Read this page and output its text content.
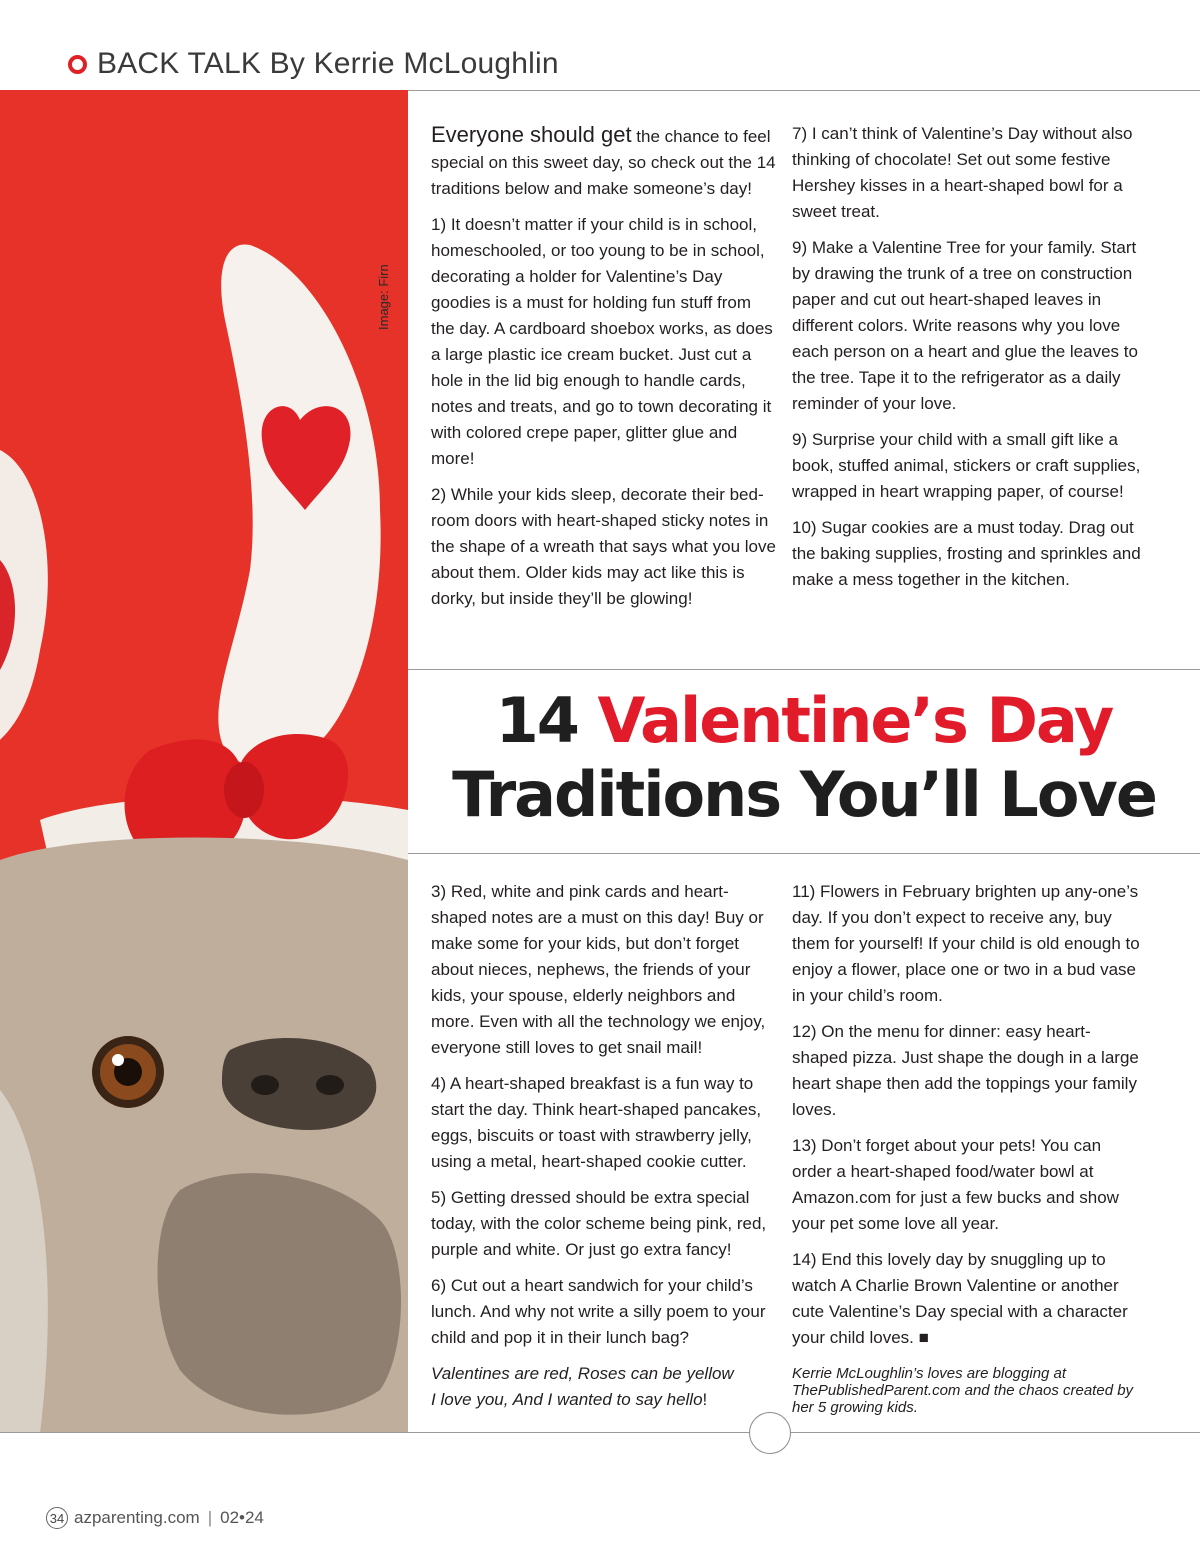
BACK TALK By Kerrie McLoughlin
Image: Firn

Everyone should get the chance to feel special on this sweet day, so check out the 14 traditions below and make someone’s day!

1) It doesn’t matter if your child is in school, homeschooled, or too young to be in school, decorating a holder for Valentine’s Day goodies is a must for holding fun stuff from the day. A cardboard shoebox works, as does a large plastic ice cream bucket. Just cut a hole in the lid big enough to handle cards, notes and treats, and go to town decorating it with colored crepe paper, glitter glue and more!

2) While your kids sleep, decorate their bed-room doors with heart-shaped sticky notes in the shape of a wreath that says what you love about them. Older kids may act like this is dorky, but inside they’ll be glowing!

7) I can’t think of Valentine’s Day without also thinking of chocolate! Set out some festive Hershey kisses in a heart-shaped bowl for a sweet treat.

9) Make a Valentine Tree for your family. Start by drawing the trunk of a tree on construction paper and cut out heart-shaped leaves in different colors. Write reasons why you love each person on a heart and glue the leaves to the tree. Tape it to the refrigerator as a daily reminder of your love.

9) Surprise your child with a small gift like a book, stuffed animal, stickers or craft supplies, wrapped in heart wrapping paper, of course!

10) Sugar cookies are a must today. Drag out the baking supplies, frosting and sprinkles and make a mess together in the kitchen.

14 Valentine’s Day
Traditions You’ll Love

3) Red, white and pink cards and heart-shaped notes are a must on this day! Buy or make some for your kids, but don’t forget about nieces, nephews, the friends of your kids, your spouse, elderly neighbors and more. Even with all the technology we enjoy, everyone still loves to get snail mail!

4) A heart-shaped breakfast is a fun way to start the day. Think heart-shaped pancakes, eggs, biscuits or toast with strawberry jelly, using a metal, heart-shaped cookie cutter.

5) Getting dressed should be extra special today, with the color scheme being pink, red, purple and white. Or just go extra fancy!

6) Cut out a heart sandwich for your child’s lunch. And why not write a silly poem to your child and pop it in their lunch bag?

Valentines are red, Roses can be yellow
I love you, And I wanted to say hello!

11) Flowers in February brighten up any-one’s day. If you don’t expect to receive any, buy them for yourself! If your child is old enough to enjoy a flower, place one or two in a bud vase in your child’s room.

12) On the menu for dinner: easy heart-shaped pizza. Just shape the dough in a large heart shape then add the toppings your family loves.

13) Don’t forget about your pets! You can order a heart-shaped food/water bowl at Amazon.com for just a few bucks and show your pet some love all year.

14) End this lovely day by snuggling up to watch A Charlie Brown Valentine or another cute Valentine’s Day special with a character your child loves. ■

Kerrie McLoughlin’s loves are blogging at ThePublishedParent.com and the chaos created by her 5 growing kids.

34 azparenting.com | 02•24
